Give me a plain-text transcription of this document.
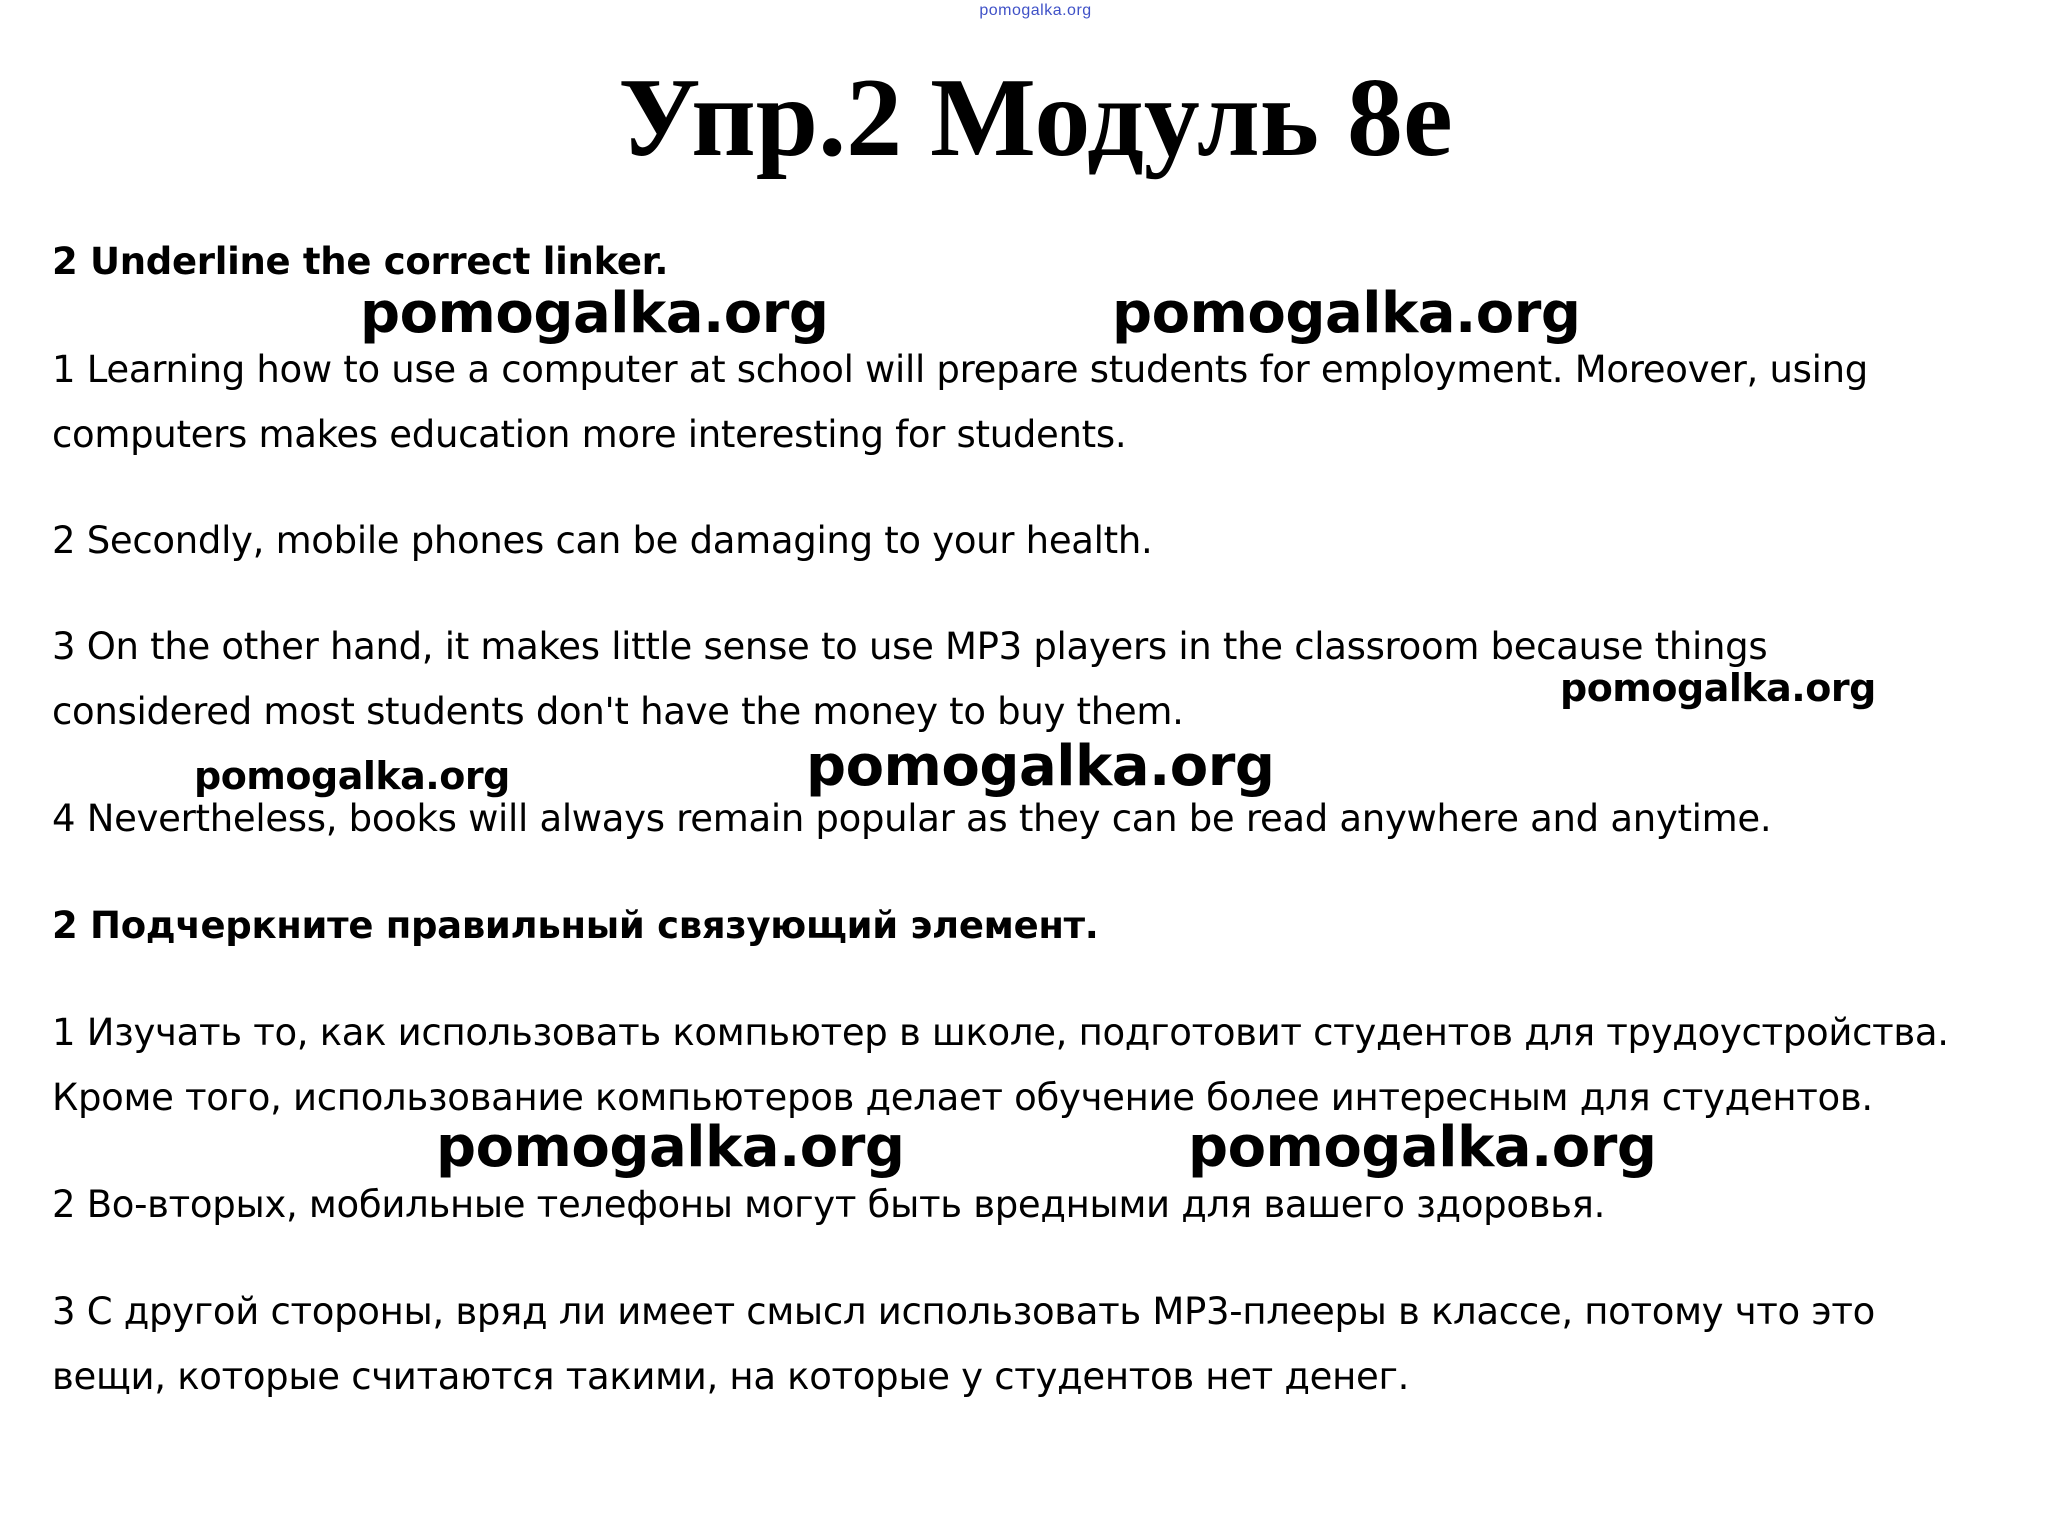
pomogalka.org
Упр.2 Модуль 8e
2 Underline the correct linker.
1 Learning how to use a computer at school will prepare students for employment. Moreover, using
computers makes education more interesting for students.
2 Secondly, mobile phones can be damaging to your health.
3 On the other hand, it makes little sense to use MP3 players in the classroom because things
considered most students don't have the money to buy them.
4 Nevertheless, books will always remain popular as they can be read anywhere and anytime.
2 Подчеркните правильный связующий элемент.
1 Изучать то, как использовать компьютер в школе, подготовит студентов для трудоустройства.
Кроме того, использование компьютеров делает обучение более интересным для студентов.
2 Во-вторых, мобильные телефоны могут быть вредными для вашего здоровья.
3 С другой стороны, вряд ли имеет смысл использовать MP3-плееры в классе, потому что это
вещи, которые считаются такими, на которые у студентов нет денег.
pomogalka.org	pomogalka.org
pomogalka.org
pomogalka.org	pomogalka.org
pomogalka.org	pomogalka.org
